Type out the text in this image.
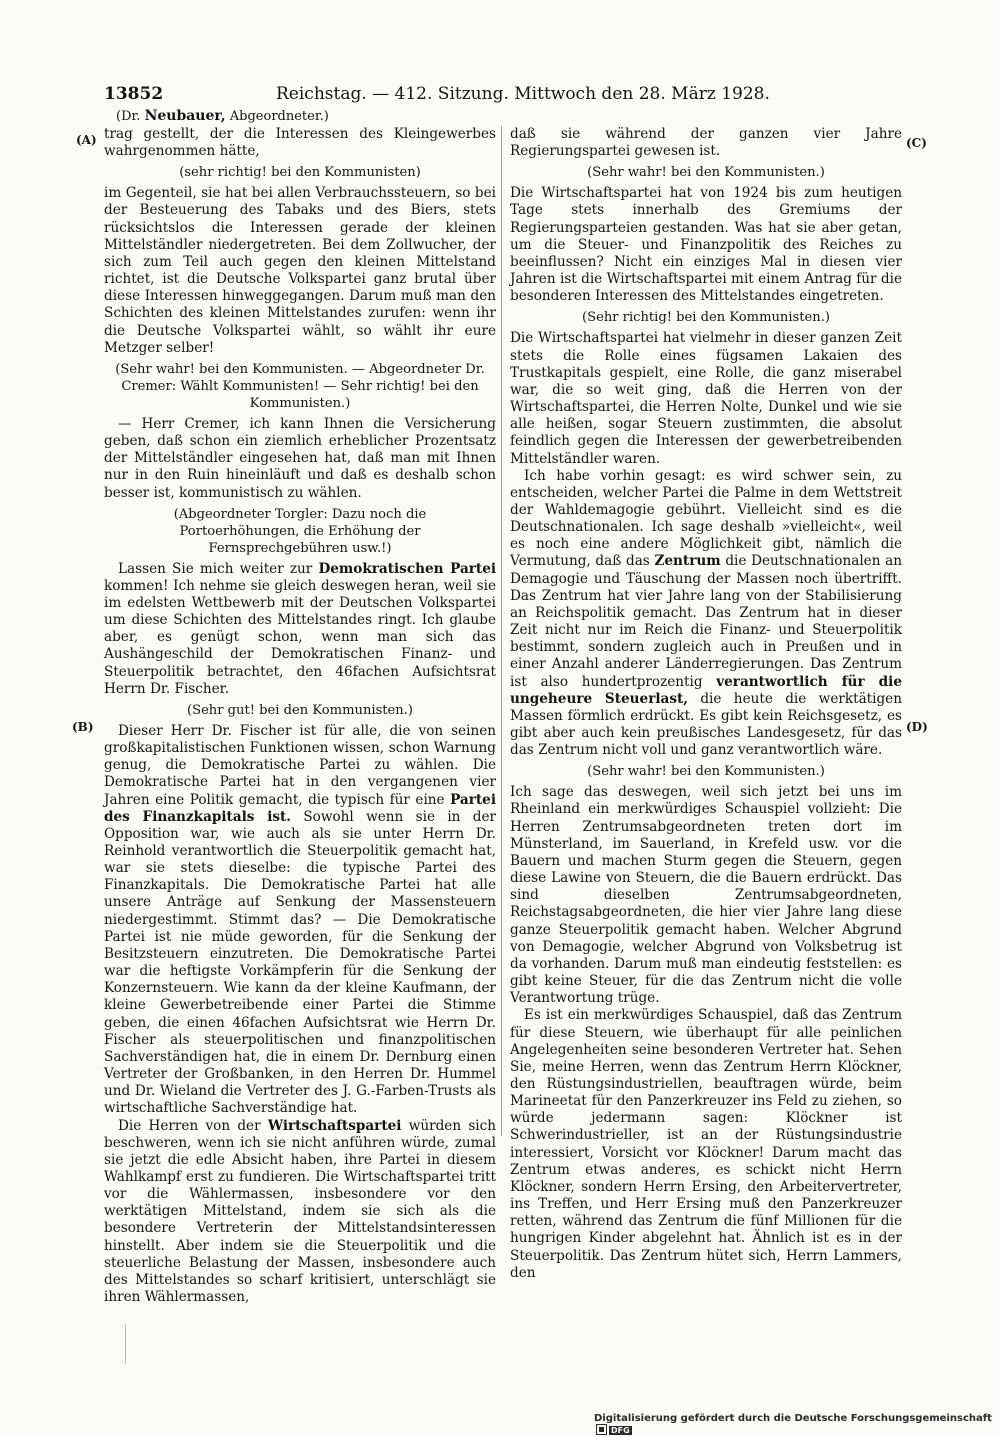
13852	Reichstag. — 412. Sitzung. Mittwoch den 28. März 1928.
(Dr. Neubauer, Abgeordneter.)
(A)
(B)
(C)
(D)

trag gestellt, der die Interessen des Kleingewerbes wahrgenommen hätte,

(sehr richtig! bei den Kommunisten)

im Gegenteil, sie hat bei allen Verbrauchssteuern, so bei der Besteuerung des Tabaks und des Biers, stets rücksichtslos die Interessen gerade der kleinen Mittelständler niedergetreten. Bei dem Zollwucher, der sich zum Teil auch gegen den kleinen Mittelstand richtet, ist die Deutsche Volkspartei ganz brutal über diese Interessen hinweggegangen. Darum muß man den Schichten des kleinen Mittelstandes zurufen: wenn ihr die Deutsche Volkspartei wählt, so wählt ihr eure Metzger selber!

(Sehr wahr! bei den Kommunisten. — Abgeordneter Dr. Cremer: Wählt Kommunisten! — Sehr richtig! bei den Kommunisten.)

— Herr Cremer, ich kann Ihnen die Versicherung geben, daß schon ein ziemlich erheblicher Prozentsatz der Mittelständler eingesehen hat, daß man mit Ihnen nur in den Ruin hineinläuft und daß es deshalb schon besser ist, kommunistisch zu wählen.

(Abgeordneter Torgler: Dazu noch die Portoerhöhungen, die Erhöhung der Fernsprechgebühren usw.!)

Lassen Sie mich weiter zur Demokratischen Partei kommen! Ich nehme sie gleich deswegen heran, weil sie im edelsten Wettbewerb mit der Deutschen Volkspartei um diese Schichten des Mittelstandes ringt. Ich glaube aber, es genügt schon, wenn man sich das Aushängeschild der Demokratischen Finanz- und Steuerpolitik betrachtet, den 46fachen Aufsichtsrat Herrn Dr. Fischer.

(Sehr gut! bei den Kommunisten.)

Dieser Herr Dr. Fischer ist für alle, die von seinen großkapitalistischen Funktionen wissen, schon Warnung genug, die Demokratische Partei zu wählen. Die Demokratische Partei hat in den vergangenen vier Jahren eine Politik gemacht, die typisch für eine Partei des Finanzkapitals ist. Sowohl wenn sie in der Opposition war, wie auch als sie unter Herrn Dr. Reinhold verantwortlich die Steuerpolitik gemacht hat, war sie stets dieselbe: die typische Partei des Finanzkapitals. Die Demokratische Partei hat alle unsere Anträge auf Senkung der Massensteuern niedergestimmt. Stimmt das? — Die Demokratische Partei ist nie müde geworden, für die Senkung der Besitzsteuern einzutreten. Die Demokratische Partei war die heftigste Vorkämpferin für die Senkung der Konzernsteuern. Wie kann da der kleine Kaufmann, der kleine Gewerbetreibende einer Partei die Stimme geben, die einen 46fachen Aufsichtsrat wie Herrn Dr. Fischer als steuerpolitischen und finanzpolitischen Sachverständigen hat, die in einem Dr. Dernburg einen Vertreter der Großbanken, in den Herren Dr. Hummel und Dr. Wieland die Vertreter des J. G.-Farben-Trusts als wirtschaftliche Sachverständige hat.

Die Herren von der Wirtschaftspartei würden sich beschweren, wenn ich sie nicht anführen würde, zumal sie jetzt die edle Absicht haben, ihre Partei in diesem Wahlkampf erst zu fundieren. Die Wirtschaftspartei tritt vor die Wählermassen, insbesondere vor den werktätigen Mittelstand, indem sie sich als die besondere Vertreterin der Mittelstandsinteressen hinstellt. Aber indem sie die Steuerpolitik und die steuerliche Belastung der Massen, insbesondere auch des Mittelstandes so scharf kritisiert, unterschlägt sie ihren Wählermassen,

daß sie während der ganzen vier Jahre Regierungspartei gewesen ist.

(Sehr wahr! bei den Kommunisten.)

Die Wirtschaftspartei hat von 1924 bis zum heutigen Tage stets innerhalb des Gremiums der Regierungsparteien gestanden. Was hat sie aber getan, um die Steuer- und Finanzpolitik des Reiches zu beeinflussen? Nicht ein einziges Mal in diesen vier Jahren ist die Wirtschaftspartei mit einem Antrag für die besonderen Interessen des Mittelstandes eingetreten.

(Sehr richtig! bei den Kommunisten.)

Die Wirtschaftspartei hat vielmehr in dieser ganzen Zeit stets die Rolle eines fügsamen Lakaien des Trustkapitals gespielt, eine Rolle, die ganz miserabel war, die so weit ging, daß die Herren von der Wirtschaftspartei, die Herren Nolte, Dunkel und wie sie alle heißen, sogar Steuern zustimmten, die absolut feindlich gegen die Interessen der gewerbetreibenden Mittelständler waren.

Ich habe vorhin gesagt: es wird schwer sein, zu entscheiden, welcher Partei die Palme in dem Wettstreit der Wahldemagogie gebührt. Vielleicht sind es die Deutschnationalen. Ich sage deshalb »vielleicht«, weil es noch eine andere Möglichkeit gibt, nämlich die Vermutung, daß das Zentrum die Deutschnationalen an Demagogie und Täuschung der Massen noch übertrifft. Das Zentrum hat vier Jahre lang von der Stabilisierung an Reichspolitik gemacht. Das Zentrum hat in dieser Zeit nicht nur im Reich die Finanz- und Steuerpolitik bestimmt, sondern zugleich auch in Preußen und in einer Anzahl anderer Länderregierungen. Das Zentrum ist also hundertprozentig verantwortlich für die ungeheure Steuerlast, die heute die werktätigen Massen förmlich erdrückt. Es gibt kein Reichsgesetz, es gibt aber auch kein preußisches Landesgesetz, für das das Zentrum nicht voll und ganz verantwortlich wäre.

(Sehr wahr! bei den Kommunisten.)

Ich sage das deswegen, weil sich jetzt bei uns im Rheinland ein merkwürdiges Schauspiel vollzieht: Die Herren Zentrumsabgeordneten treten dort im Münsterland, im Sauerland, in Krefeld usw. vor die Bauern und machen Sturm gegen die Steuern, gegen diese Lawine von Steuern, die die Bauern erdrückt. Das sind dieselben Zentrumsabgeordneten, Reichstagsabgeordneten, die hier vier Jahre lang diese ganze Steuerpolitik gemacht haben. Welcher Abgrund von Demagogie, welcher Abgrund von Volksbetrug ist da vorhanden. Darum muß man eindeutig feststellen: es gibt keine Steuer, für die das Zentrum nicht die volle Verantwortung trüge.

Es ist ein merkwürdiges Schauspiel, daß das Zentrum für diese Steuern, wie überhaupt für alle peinlichen Angelegenheiten seine besonderen Vertreter hat. Sehen Sie, meine Herren, wenn das Zentrum Herrn Klöckner, den Rüstungsindustriellen, beauftragen würde, beim Marineetat für den Panzerkreuzer ins Feld zu ziehen, so würde jedermann sagen: Klöckner ist Schwerindustrieller, ist an der Rüstungsindustrie interessiert, Vorsicht vor Klöckner! Darum macht das Zentrum etwas anderes, es schickt nicht Herrn Klöckner, sondern Herrn Ersing, den Arbeitervertreter, ins Treffen, und Herr Ersing muß den Panzerkreuzer retten, während das Zentrum die fünf Millionen für die hungrigen Kinder abgelehnt hat. Ähnlich ist es in der Steuerpolitik. Das Zentrum hütet sich, Herrn Lammers, den

Digitalisierung gefördert durch die Deutsche Forschungsgemeinschaft DFG
